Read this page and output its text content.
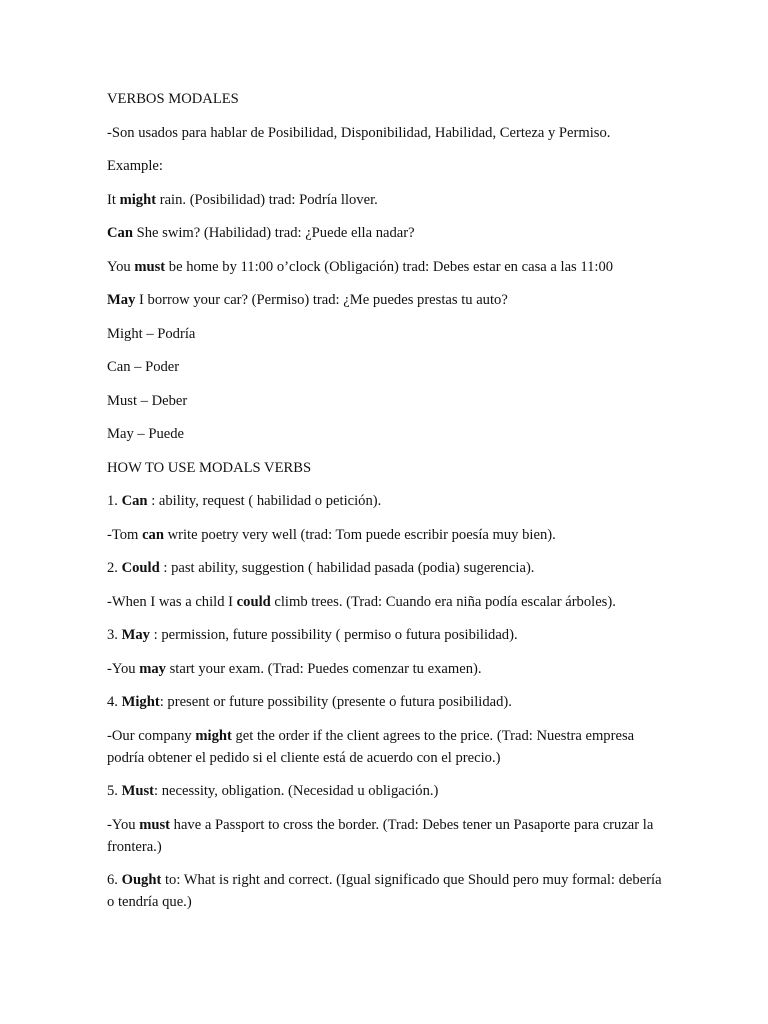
VERBOS MODALES

-Son usados para hablar de Posibilidad, Disponibilidad, Habilidad, Certeza y Permiso.

Example:

It might rain. (Posibilidad) trad: Podría llover.

Can She swim? (Habilidad) trad: ¿Puede ella nadar?

You must be home by 11:00 o’clock (Obligación) trad: Debes estar en casa a las 11:00

May I borrow your car? (Permiso) trad: ¿Me puedes prestas tu auto?

Might – Podría

Can – Poder

Must – Deber

May – Puede

HOW TO USE MODALS VERBS

1. Can : ability, request ( habilidad o petición).

-Tom can write poetry very well (trad: Tom puede escribir poesía muy bien).

2. Could : past ability, suggestion ( habilidad pasada (podia) sugerencia).

-When I was a child I could climb trees. (Trad: Cuando era niña podía escalar árboles).

3. May : permission, future possibility ( permiso o futura posibilidad).

-You may start your exam. (Trad: Puedes comenzar tu examen).

4. Might: present or future possibility (presente o futura posibilidad).

-Our company might get the order if the client agrees to the price. (Trad: Nuestra empresa podría obtener el pedido si el cliente está de acuerdo con el precio.)

5. Must: necessity, obligation. (Necesidad u obligación.)

-You must have a Passport to cross the border. (Trad: Debes tener un Pasaporte para cruzar la frontera.)

6. Ought to: What is right and correct. (Igual significado que Should pero muy formal: debería o tendría que.)
